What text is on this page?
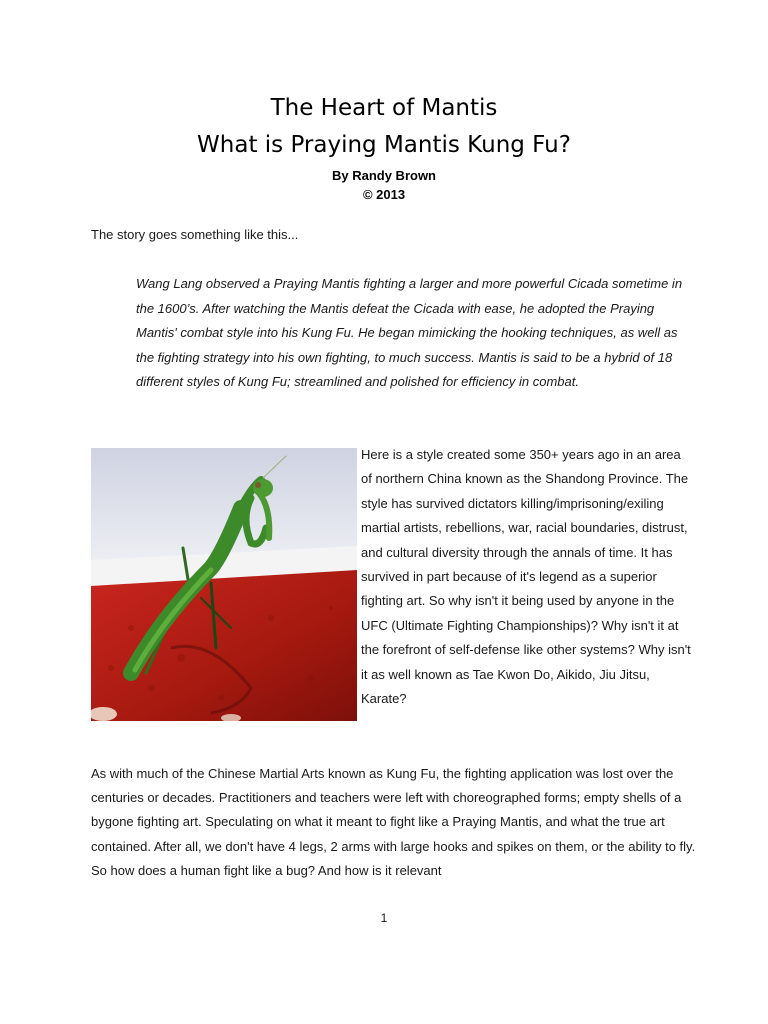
The Heart of Mantis
What is Praying Mantis Kung Fu?
By Randy Brown
© 2013
The story goes something like this...

Wang Lang observed a Praying Mantis fighting a larger and more powerful Cicada sometime in the 1600’s. After watching the Mantis defeat the Cicada with ease, he adopted the Praying Mantis' combat style into his Kung Fu. He began mimicking the hooking techniques, as well as the fighting strategy into his own fighting, to much success. Mantis is said to be a hybrid of 18 different styles of Kung Fu; streamlined and polished for efficiency in combat.

Here is a style created some 350+ years ago in an area of northern China known as the Shandong Province. The style has survived dictators killing/imprisoning/exiling martial artists, rebellions, war, racial boundaries, distrust, and cultural diversity through the annals of time. It has survived in part because of it's legend as a superior fighting art. So why isn't it being used by anyone in the UFC (Ultimate Fighting Championships)? Why isn't it at the forefront of self-defense like other systems? Why isn't it as well known as Tae Kwon Do, Aikido, Jiu Jitsu, Karate?

As with much of the Chinese Martial Arts known as Kung Fu, the fighting application was lost over the centuries or decades. Practitioners and teachers were left with choreographed forms; empty shells of a bygone fighting art. Speculating on what it meant to fight like a Praying Mantis, and what the true art contained. After all, we don't have 4 legs, 2 arms with large hooks and spikes on them, or the ability to fly. So how does a human fight like a bug? And how is it relevant

1
